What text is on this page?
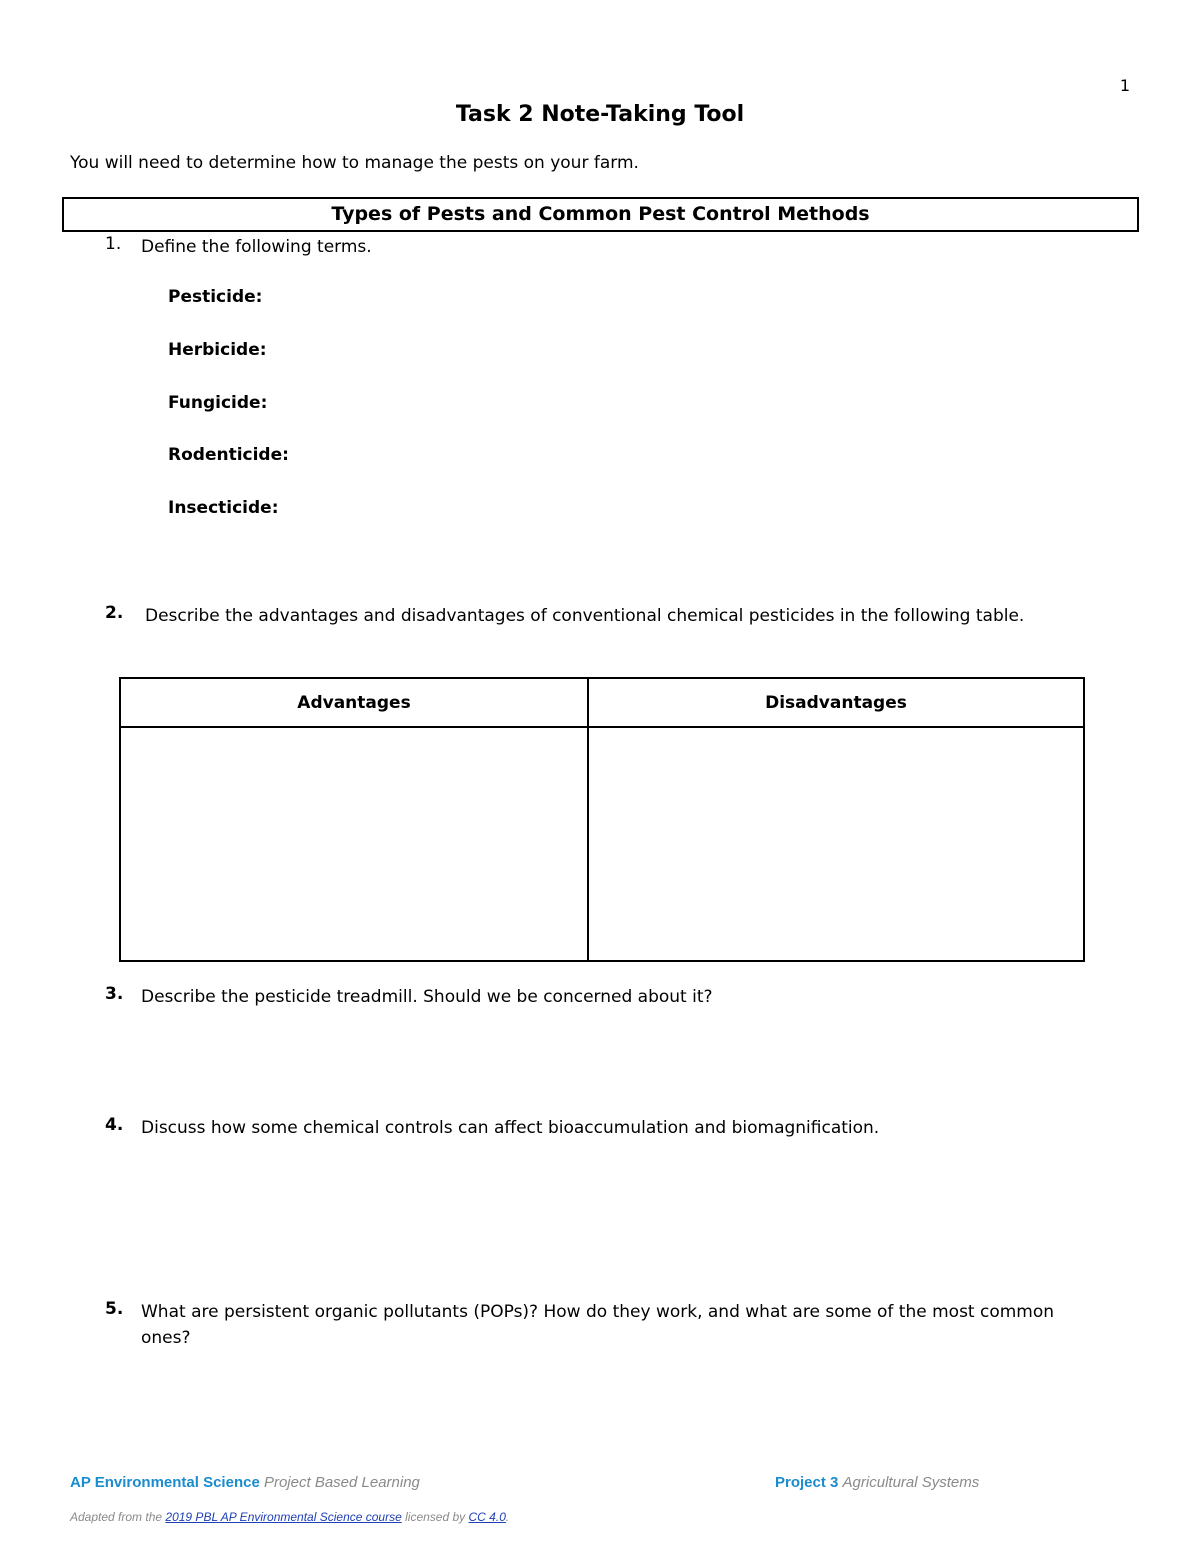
1
Task 2 Note-Taking Tool
You will need to determine how to manage the pests on your farm.
Types of Pests and Common Pest Control Methods
1.	Define the following terms.
Pesticide:
Herbicide:
Fungicide:
Rodenticide:
Insecticide:
2.	Describe the advantages and disadvantages of conventional chemical pesticides in the following table.
Advantages	Disadvantages

3.	Describe the pesticide treadmill. Should we be concerned about it?
4.	Discuss how some chemical controls can affect bioaccumulation and biomagnification.
5.	What are persistent organic pollutants (POPs)? How do they work, and what are some of the most common ones?
AP Environmental Science Project Based Learning	Project 3 Agricultural Systems
Adapted from the 2019 PBL AP Environmental Science course licensed by CC 4.0.
